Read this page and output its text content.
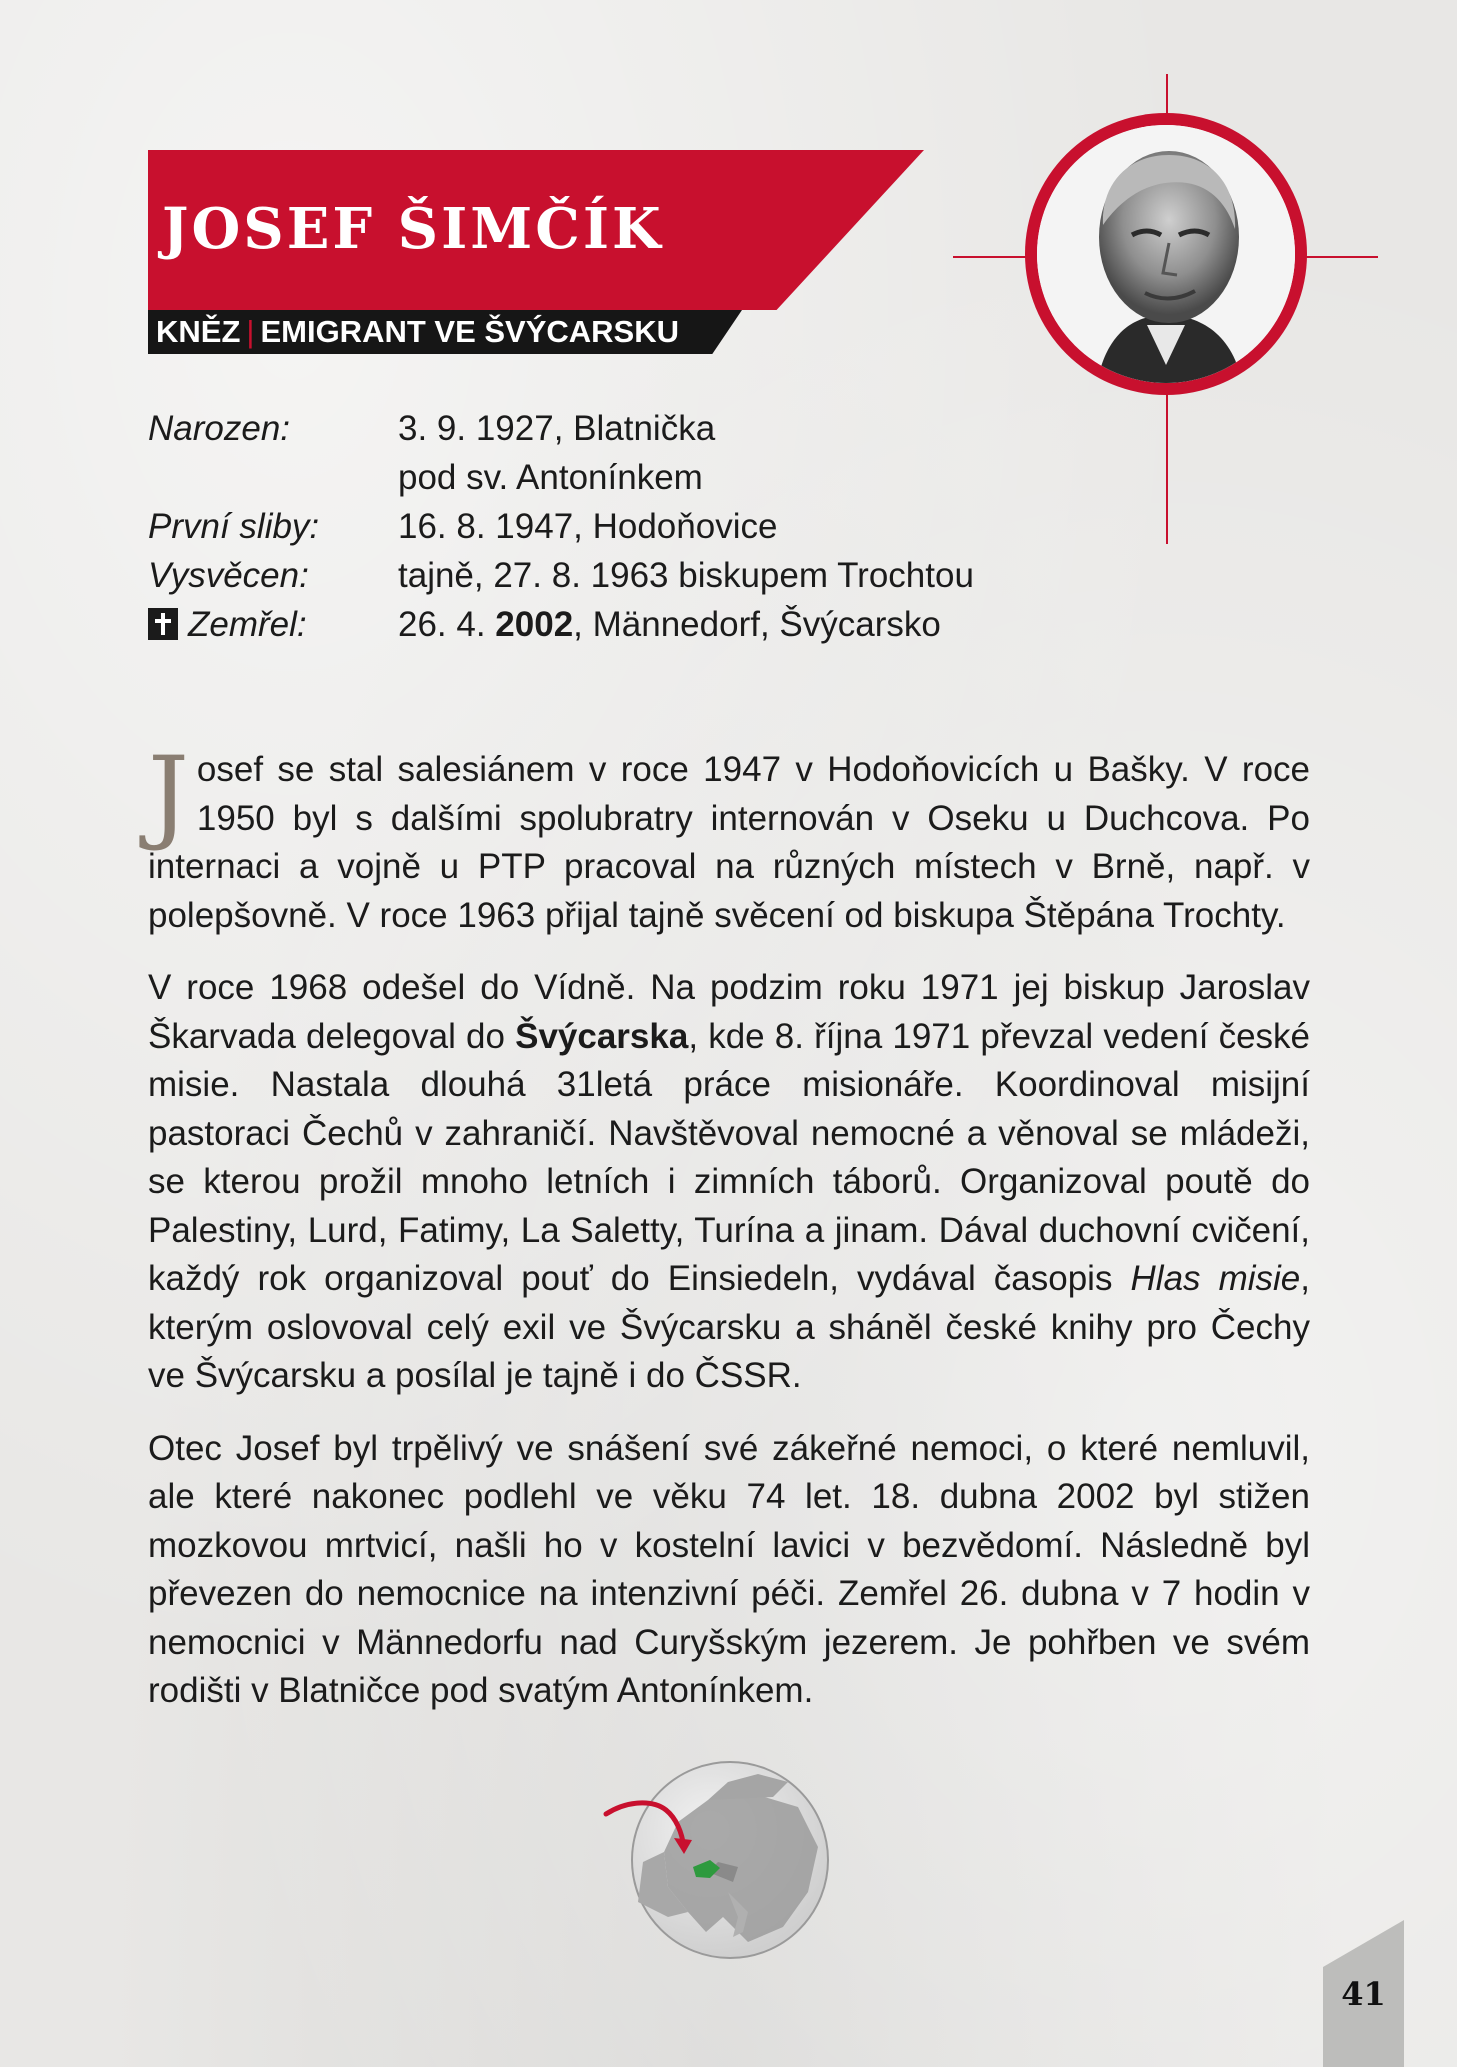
JOSEF ŠIMČÍK
KNĚZ | EMIGRANT VE ŠVÝCARSKU
Narozen:	3. 9. 1927, Blatnička
pod sv. Antonínkem
První sliby:	16. 8. 1947, Hodoňovice
Vysvěcen:	tajně, 27. 8. 1963 biskupem Trochtou
Zemřel:	26. 4. 2002, Männedorf, Švýcarsko

Josef se stal salesiánem v roce 1947 v Hodoňovicích u Bašky. V roce 1950 byl s dalšími spolubratry internován v Oseku u Duchcova. Po internaci a vojně u PTP pracoval na různých místech v Brně, např. v polepšovně. V roce 1963 přijal tajně svěcení od biskupa Štěpána Trochty.

V roce 1968 odešel do Vídně. Na podzim roku 1971 jej biskup Jaroslav Škarvada delegoval do Švýcarska, kde 8. října 1971 převzal vedení české misie. Nastala dlouhá 31letá práce misionáře. Koordinoval misijní pastoraci Čechů v zahraničí. Navštěvoval nemocné a věnoval se mládeži, se kterou prožil mnoho letních i zimních táborů. Organizoval poutě do Palestiny, Lurd, Fatimy, La Saletty, Turína a jinam. Dával duchovní cvičení, každý rok organizoval pouť do Einsiedeln, vydával časopis Hlas misie, kterým oslovoval celý exil ve Švýcarsku a sháněl české knihy pro Čechy ve Švýcarsku a posílal je tajně i do ČSSR.

Otec Josef byl trpělivý ve snášení své zákeřné nemoci, o které nemluvil, ale které nakonec podlehl ve věku 74 let. 18. dubna 2002 byl stižen mozkovou mrtvicí, našli ho v kostelní lavici v bezvědomí. Následně byl převezen do nemocnice na intenzivní péči. Zemřel 26. dubna v 7 hodin v nemocnici v Männedorfu nad Curyšským jezerem. Je pohřben ve svém rodišti v Blatničce pod svatým Antonínkem.

41
